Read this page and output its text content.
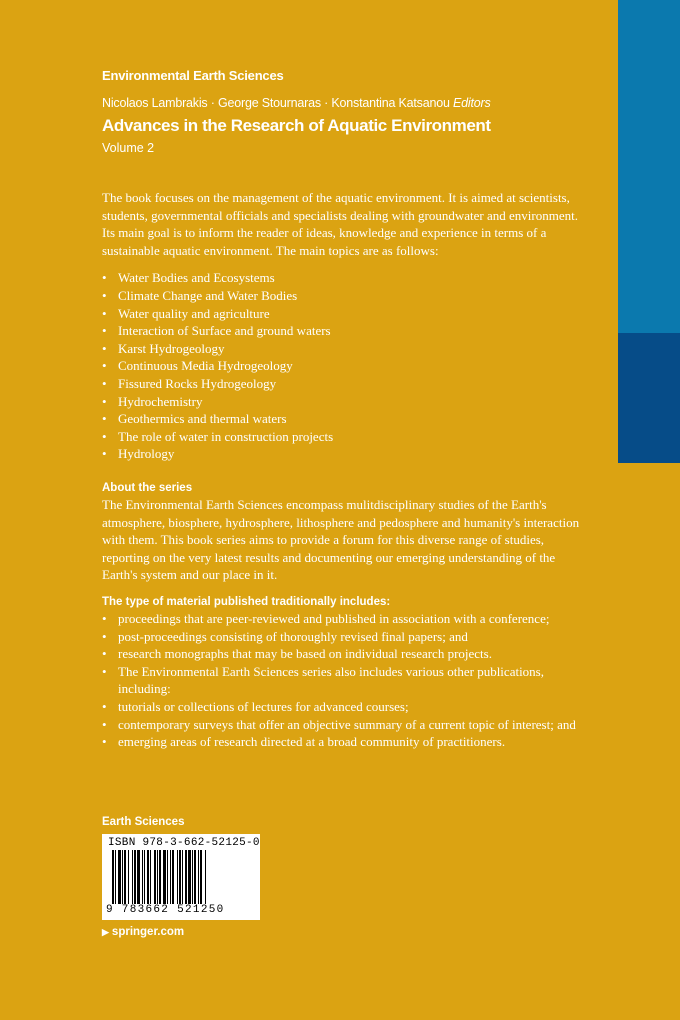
Environmental Earth Sciences
Nicolaos Lambrakis · George Stournaras · Konstantina Katsanou Editors
Advances in the Research of Aquatic Environment
Volume 2

The book focuses on the management of the aquatic environment. It is aimed at scientists, students, governmental officials and specialists dealing with groundwater and environment. Its main goal is to inform the reader of ideas, knowledge and experience in terms of a sustainable aquatic environment. The main topics are as follows:

• Water Bodies and Ecosystems
• Climate Change and Water Bodies
• Water quality and agriculture
• Interaction of Surface and ground waters
• Karst Hydrogeology
• Continuous Media Hydrogeology
• Fissured Rocks Hydrogeology
• Hydrochemistry
• Geothermics and thermal waters
• The role of water in construction projects
• Hydrology
About the series

The Environmental Earth Sciences encompass mulitdisciplinary studies of the Earth's atmosphere, biosphere, hydrosphere, lithosphere and pedosphere and humanity's interaction with them. This book series aims to provide a forum for this diverse range of studies, reporting on the very latest results and documenting our emerging understanding of the Earth's system and our place in it.

The type of material published traditionally includes:
• proceedings that are peer-reviewed and published in association with a conference;
• post-proceedings consisting of thoroughly revised final papers; and
• research monographs that may be based on individual research projects.
• The Environmental Earth Sciences series also includes various other publications, including:
• tutorials or collections of lectures for advanced courses;
• contemporary surveys that offer an objective summary of a current topic of interest; and
• emerging areas of research directed at a broad community of practitioners.
Earth Sciences
ISBN 978-3-662-52125-0
9 783662 521250
▶ springer.com
